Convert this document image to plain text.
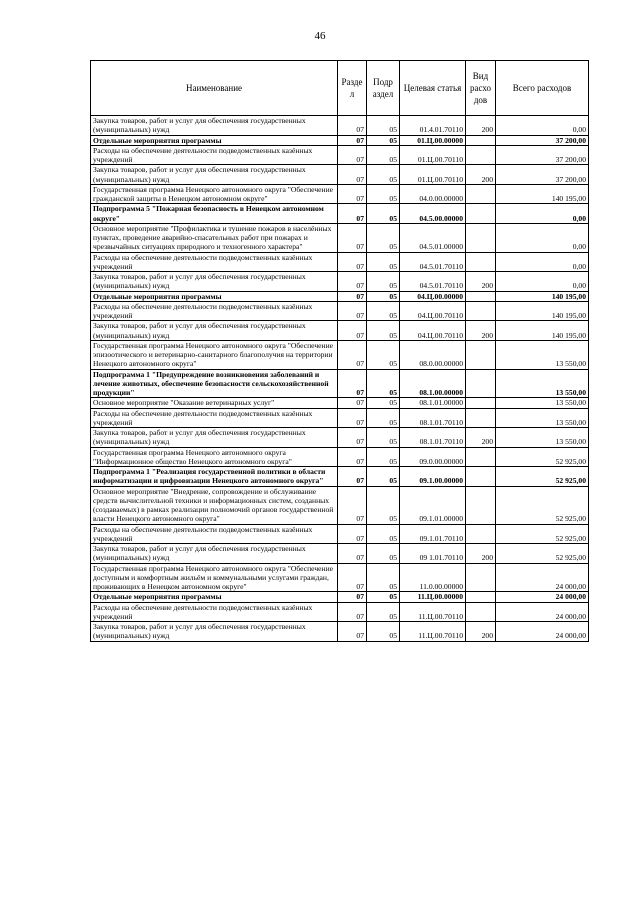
46
Наименование	Разде л	Подр аздел	Целевая статья	Вид расхо дов	Всего расходов
Закупка товаров, работ и услуг для обеспечения государственных (муниципальных) нужд	07	05	01.4.01.70110	200	0,00
Отдельные мероприятия программы	07	05	01.Ц.00.00000		37 200,00
Расходы на обеспечение деятельности подведомственных казённых учреждений	07	05	01.Ц.00.70110		37 200,00
Закупка товаров, работ и услуг для обеспечения государственных (муниципальных) нужд	07	05	01.Ц.00.70110	200	37 200,00
Государственная программа Ненецкого автономного округа "Обеспечение гражданской защиты в Ненецком автономном округе"	07	05	04.0.00.00000		140 195,00
Подпрограмма 5 "Пожарная безопасность в Ненецком автономном округе"	07	05	04.5.00.00000		0,00
Основное мероприятие "Профилактика и тушение пожаров в населённых пунктах, проведение аварийно-спасательных работ при пожарах и чрезвычайных ситуациях природного и техногенного характера"	07	05	04.5.01.00000		0,00
Расходы на обеспечение деятельности подведомственных казённых учреждений	07	05	04.5.01.70110		0,00
Закупка товаров, работ и услуг для обеспечения государственных (муниципальных) нужд	07	05	04.5.01.70110	200	0,00
Отдельные мероприятия программы	07	05	04.Ц.00.00000		140 195,00
Расходы на обеспечение деятельности подведомственных казённых учреждений	07	05	04.Ц.00.70110		140 195,00
Закупка товаров, работ и услуг для обеспечения государственных (муниципальных) нужд	07	05	04.Ц.00.70110	200	140 195,00
Государственная программа Ненецкого автономного округа "Обеспечение эпизоотического и ветеринарно-санитарного благополучия на территории Ненецкого автономного округа"	07	05	08.0.00.00000		13 550,00
Подпрограмма 1 "Предупреждение возникновения заболеваний и лечение животных, обеспечение безопасности сельскохозяйственной продукции"	07	05	08.1.00.00000		13 550,00
Основное мероприятие "Оказание ветеринарных услуг"	07	05	08.1.01.00000		13 550,00
Расходы на обеспечение деятельности подведомственных казённых учреждений	07	05	08.1.01.70110		13 550,00
Закупка товаров, работ и услуг для обеспечения государственных (муниципальных) нужд	07	05	08.1.01.70110	200	13 550,00
Государственная программа Ненецкого автономного округа "Информационное общество Ненецкого автономного округа"	07	05	09.0.00.00000		52 925,00
Подпрограмма 1 "Реализация государственной политики в области информатизации и цифровизации Ненецкого автономного округа"	07	05	09.1.00.00000		52 925,00
Основное мероприятие "Внедрение, сопровождение и обслуживание средств вычислительной техники и информационных систем, созданных (создаваемых) в рамках реализации полномочий органов государственной власти Ненецкого автономного округа"	07	05	09.1.01.00000		52 925,00
Расходы на обеспечение деятельности подведомственных казённых учреждений	07	05	09.1.01.70110		52 925,00
Закупка товаров, работ и услуг для обеспечения государственных (муниципальных) нужд	07	05	09 1.01.70110	200	52 925,00
Государственная программа Ненецкого автономного округа "Обеспечение доступным и комфортным жильём и коммунальными услугами граждан, проживающих в Ненецком автономном округе"	07	05	11.0.00.00000		24 000,00
Отдельные мероприятия программы	07	05	11.Ц.00.00000		24 000,00
Расходы на обеспечение деятельности подведомственных казённых учреждений	07	05	11.Ц.00.70110		24 000,00
Закупка товаров, работ и услуг для обеспечения государственных (муниципальных) нужд	07	05	11.Ц.00.70110	200	24 000,00
